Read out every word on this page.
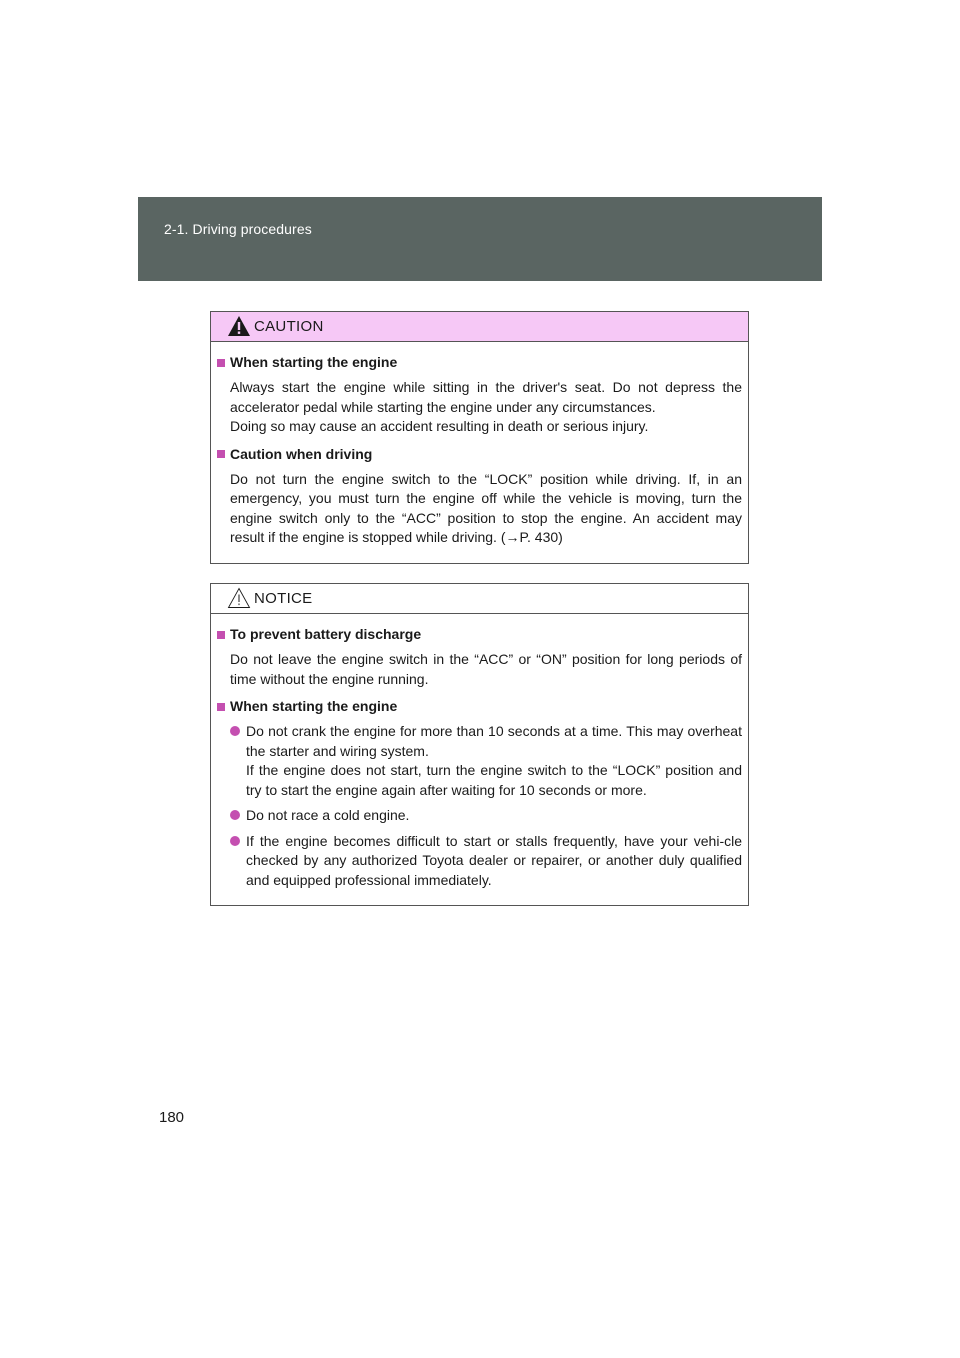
2-1. Driving procedures
CAUTION
When starting the engine
Always start the engine while sitting in the driver's seat. Do not depress the accelerator pedal while starting the engine under any circumstances.
Doing so may cause an accident resulting in death or serious injury.
Caution when driving
Do not turn the engine switch to the “LOCK” position while driving. If, in an emergency, you must turn the engine off while the vehicle is moving, turn the engine switch only to the “ACC” position to stop the engine. An accident may result if the engine is stopped while driving. (→P. 430)
NOTICE
To prevent battery discharge
Do not leave the engine switch in the “ACC” or “ON” position for long periods of time without the engine running.
When starting the engine
Do not crank the engine for more than 10 seconds at a time. This may overheat the starter and wiring system.
If the engine does not start, turn the engine switch to the “LOCK” position and try to start the engine again after waiting for 10 seconds or more.
Do not race a cold engine.
If the engine becomes difficult to start or stalls frequently, have your vehi-cle checked by any authorized Toyota dealer or repairer, or another duly qualified and equipped professional immediately.
180
